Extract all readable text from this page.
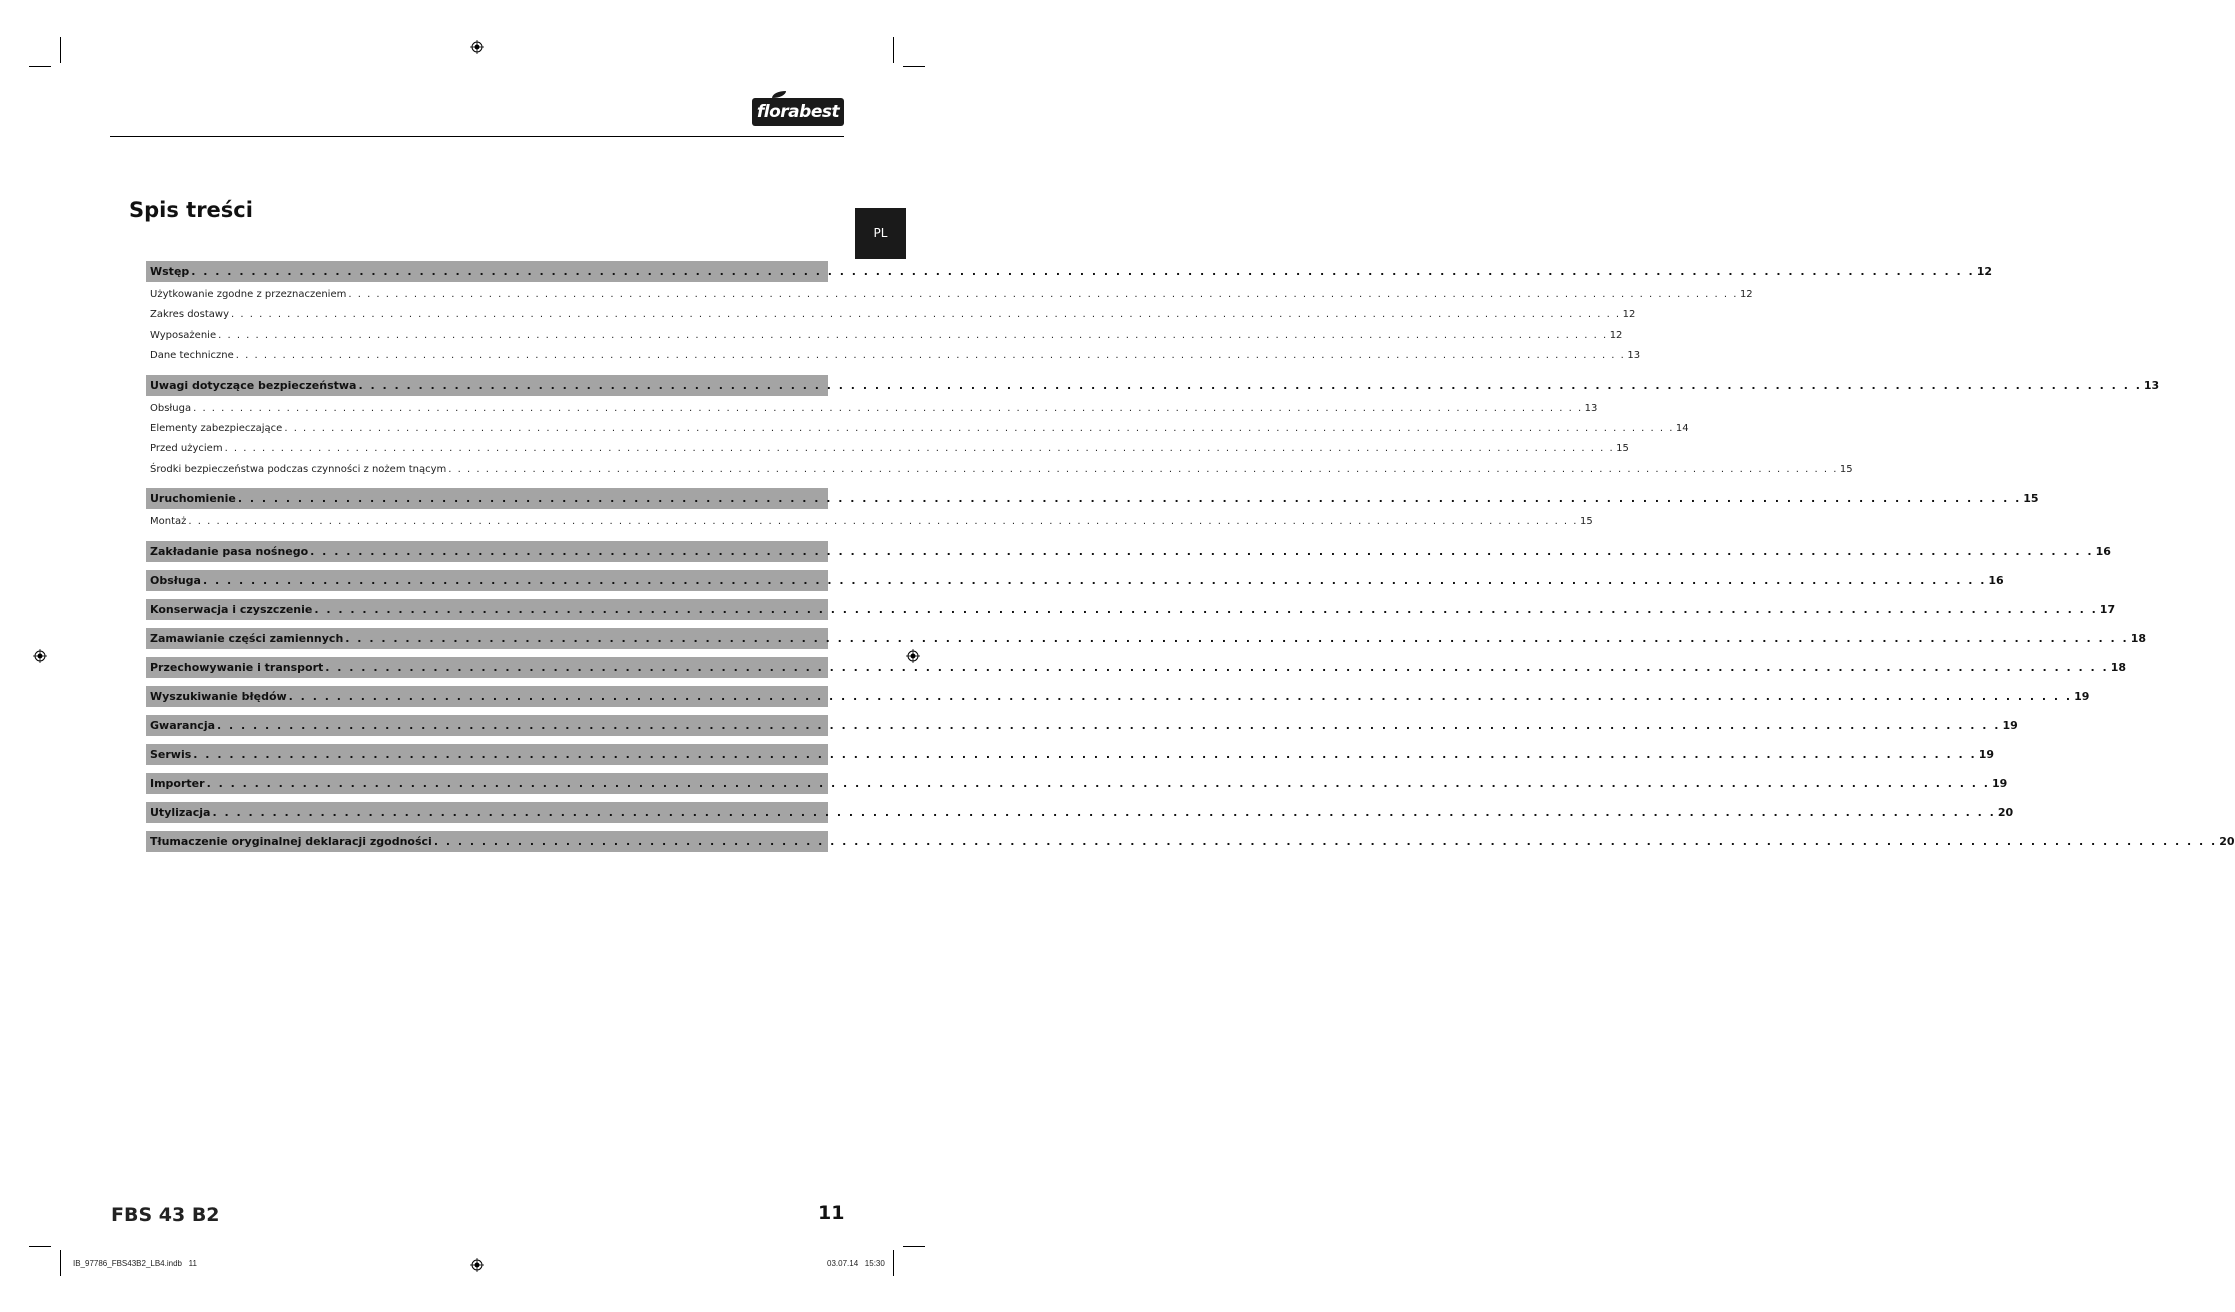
florabest
PL
Spis treści
Wstęp . . . . . . . . . . . . . . . . . . . . . . . . . . . . . . . . . . . . . . . . . . . . . . . . . . . . . . . . . . . . . . . . . . . . . . . . . . . . . . . . . . . . . . . . . . . . . . . . . . . . . . . . . . . . . . . . . . . . . . . . . . . . . . . . . . . . . . . . . . . . . . . . . . . . . 12
Użytkowanie zgodne z przeznaczeniem . . . . . . . . . . . . . . . . . . . . . . . . . . . . . . . . . . . . . . . . . . . . . . . . . . . . . . . . . . . . . . . . . . . . . . . . . . . . . . . . . . . . . . . . . . . . . . . . . . . . . . . . . . . . . . . . . . . . . . . . . . . . . . . . . . . . . . . . . . . . . . . . . . . . . 12
Zakres dostawy . . . . . . . . . . . . . . . . . . . . . . . . . . . . . . . . . . . . . . . . . . . . . . . . . . . . . . . . . . . . . . . . . . . . . . . . . . . . . . . . . . . . . . . . . . . . . . . . . . . . . . . . . . . . . . . . . . . . . . . . . . . . . . . . . . . . . . . . . . . . . . . . . . . . . 12
Wyposażenie . . . . . . . . . . . . . . . . . . . . . . . . . . . . . . . . . . . . . . . . . . . . . . . . . . . . . . . . . . . . . . . . . . . . . . . . . . . . . . . . . . . . . . . . . . . . . . . . . . . . . . . . . . . . . . . . . . . . . . . . . . . . . . . . . . . . . . . . . . . . . . . . . . . . . 12
Dane techniczne . . . . . . . . . . . . . . . . . . . . . . . . . . . . . . . . . . . . . . . . . . . . . . . . . . . . . . . . . . . . . . . . . . . . . . . . . . . . . . . . . . . . . . . . . . . . . . . . . . . . . . . . . . . . . . . . . . . . . . . . . . . . . . . . . . . . . . . . . . . . . . . . . . . . . 13
Uwagi dotyczące bezpieczeństwa . . . . . . . . . . . . . . . . . . . . . . . . . . . . . . . . . . . . . . . . . . . . . . . . . . . . . . . . . . . . . . . . . . . . . . . . . . . . . . . . . . . . . . . . . . . . . . . . . . . . . . . . . . . . . . . . . . . . . . . . . . . . . . . . . . . . . . . . . . . . . . . . . . . . . 13
Obsługa . . . . . . . . . . . . . . . . . . . . . . . . . . . . . . . . . . . . . . . . . . . . . . . . . . . . . . . . . . . . . . . . . . . . . . . . . . . . . . . . . . . . . . . . . . . . . . . . . . . . . . . . . . . . . . . . . . . . . . . . . . . . . . . . . . . . . . . . . . . . . . . . . . . . . 13
Elementy zabezpieczające . . . . . . . . . . . . . . . . . . . . . . . . . . . . . . . . . . . . . . . . . . . . . . . . . . . . . . . . . . . . . . . . . . . . . . . . . . . . . . . . . . . . . . . . . . . . . . . . . . . . . . . . . . . . . . . . . . . . . . . . . . . . . . . . . . . . . . . . . . . . . . . . . . . . . 14
Przed użyciem . . . . . . . . . . . . . . . . . . . . . . . . . . . . . . . . . . . . . . . . . . . . . . . . . . . . . . . . . . . . . . . . . . . . . . . . . . . . . . . . . . . . . . . . . . . . . . . . . . . . . . . . . . . . . . . . . . . . . . . . . . . . . . . . . . . . . . . . . . . . . . . . . . . . . 15
Środki bezpieczeństwa podczas czynności z nożem tnącym . . . . . . . . . . . . . . . . . . . . . . . . . . . . . . . . . . . . . . . . . . . . . . . . . . . . . . . . . . . . . . . . . . . . . . . . . . . . . . . . . . . . . . . . . . . . . . . . . . . . . . . . . . . . . . . . . . . . . . . . . . . . . . . . . . . . . . . . . . . . . . . . . . . . . 15
Uruchomienie . . . . . . . . . . . . . . . . . . . . . . . . . . . . . . . . . . . . . . . . . . . . . . . . . . . . . . . . . . . . . . . . . . . . . . . . . . . . . . . . . . . . . . . . . . . . . . . . . . . . . . . . . . . . . . . . . . . . . . . . . . . . . . . . . . . . . . . . . . . . . . . . . . . . . 15
Montaż . . . . . . . . . . . . . . . . . . . . . . . . . . . . . . . . . . . . . . . . . . . . . . . . . . . . . . . . . . . . . . . . . . . . . . . . . . . . . . . . . . . . . . . . . . . . . . . . . . . . . . . . . . . . . . . . . . . . . . . . . . . . . . . . . . . . . . . . . . . . . . . . . . . . . 15
Zakładanie pasa nośnego . . . . . . . . . . . . . . . . . . . . . . . . . . . . . . . . . . . . . . . . . . . . . . . . . . . . . . . . . . . . . . . . . . . . . . . . . . . . . . . . . . . . . . . . . . . . . . . . . . . . . . . . . . . . . . . . . . . . . . . . . . . . . . . . . . . . . . . . . . . . . . . . . . . . . 16
Obsługa . . . . . . . . . . . . . . . . . . . . . . . . . . . . . . . . . . . . . . . . . . . . . . . . . . . . . . . . . . . . . . . . . . . . . . . . . . . . . . . . . . . . . . . . . . . . . . . . . . . . . . . . . . . . . . . . . . . . . . . . . . . . . . . . . . . . . . . . . . . . . . . . . . . . . 16
Konserwacja i czyszczenie . . . . . . . . . . . . . . . . . . . . . . . . . . . . . . . . . . . . . . . . . . . . . . . . . . . . . . . . . . . . . . . . . . . . . . . . . . . . . . . . . . . . . . . . . . . . . . . . . . . . . . . . . . . . . . . . . . . . . . . . . . . . . . . . . . . . . . . . . . . . . . . . . . . . . 17
Zamawianie części zamiennych . . . . . . . . . . . . . . . . . . . . . . . . . . . . . . . . . . . . . . . . . . . . . . . . . . . . . . . . . . . . . . . . . . . . . . . . . . . . . . . . . . . . . . . . . . . . . . . . . . . . . . . . . . . . . . . . . . . . . . . . . . . . . . . . . . . . . . . . . . . . . . . . . . . . . 18
Przechowywanie i transport . . . . . . . . . . . . . . . . . . . . . . . . . . . . . . . . . . . . . . . . . . . . . . . . . . . . . . . . . . . . . . . . . . . . . . . . . . . . . . . . . . . . . . . . . . . . . . . . . . . . . . . . . . . . . . . . . . . . . . . . . . . . . . . . . . . . . . . . . . . . . . . . . . . . . 18
Wyszukiwanie błędów . . . . . . . . . . . . . . . . . . . . . . . . . . . . . . . . . . . . . . . . . . . . . . . . . . . . . . . . . . . . . . . . . . . . . . . . . . . . . . . . . . . . . . . . . . . . . . . . . . . . . . . . . . . . . . . . . . . . . . . . . . . . . . . . . . . . . . . . . . . . . . . . . . . . . 19
Gwarancja . . . . . . . . . . . . . . . . . . . . . . . . . . . . . . . . . . . . . . . . . . . . . . . . . . . . . . . . . . . . . . . . . . . . . . . . . . . . . . . . . . . . . . . . . . . . . . . . . . . . . . . . . . . . . . . . . . . . . . . . . . . . . . . . . . . . . . . . . . . . . . . . . . . . . 19
Serwis . . . . . . . . . . . . . . . . . . . . . . . . . . . . . . . . . . . . . . . . . . . . . . . . . . . . . . . . . . . . . . . . . . . . . . . . . . . . . . . . . . . . . . . . . . . . . . . . . . . . . . . . . . . . . . . . . . . . . . . . . . . . . . . . . . . . . . . . . . . . . . . . . . . . . 19
Importer . . . . . . . . . . . . . . . . . . . . . . . . . . . . . . . . . . . . . . . . . . . . . . . . . . . . . . . . . . . . . . . . . . . . . . . . . . . . . . . . . . . . . . . . . . . . . . . . . . . . . . . . . . . . . . . . . . . . . . . . . . . . . . . . . . . . . . . . . . . . . . . . . . . . . 19
Utylizacja . . . . . . . . . . . . . . . . . . . . . . . . . . . . . . . . . . . . . . . . . . . . . . . . . . . . . . . . . . . . . . . . . . . . . . . . . . . . . . . . . . . . . . . . . . . . . . . . . . . . . . . . . . . . . . . . . . . . . . . . . . . . . . . . . . . . . . . . . . . . . . . . . . . . . 20
Tłumaczenie oryginalnej deklaracji zgodności . . . . . . . . . . . . . . . . . . . . . . . . . . . . . . . . . . . . . . . . . . . . . . . . . . . . . . . . . . . . . . . . . . . . . . . . . . . . . . . . . . . . . . . . . . . . . . . . . . . . . . . . . . . . . . . . . . . . . . . . . . . . . . . . . . . . . . . . . . . . . . . . . . . . . 20
FBS 43 B2	11
IB_97786_FBS43B2_LB4.indb   11	03.07.14   15:30
